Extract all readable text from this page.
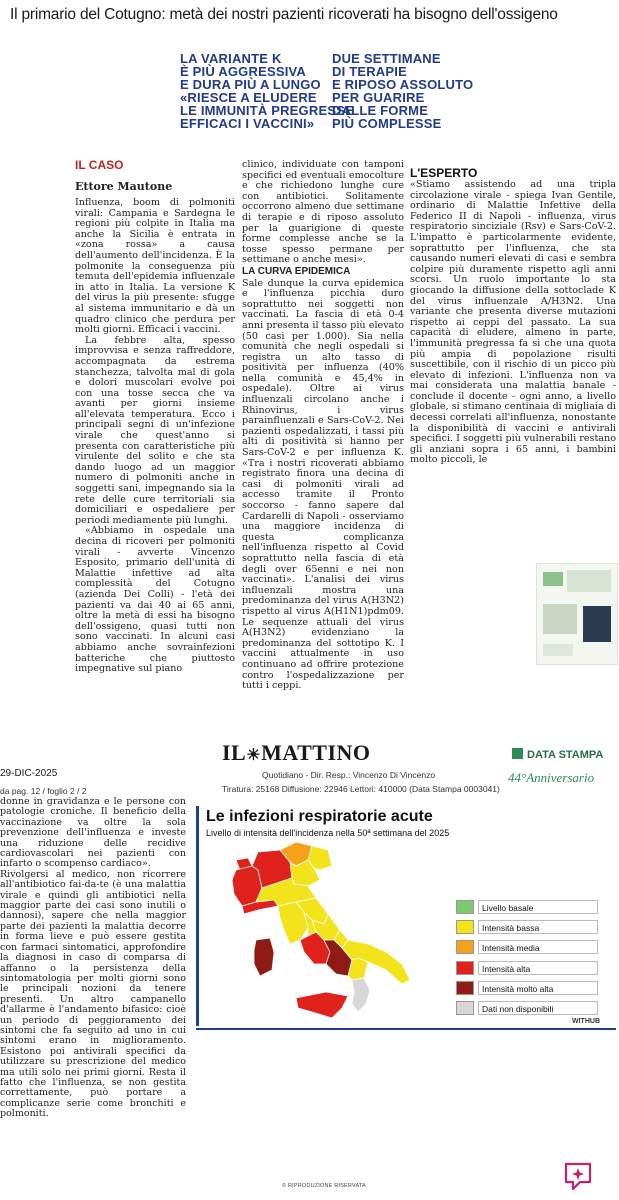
Il primario del Cotugno: metà dei nostri pazienti ricoverati ha bisogno dell'ossigeno
LA VARIANTE K
È PIÙ AGGRESSIVA
E DURA PIÙ A LUNGO
«RIESCE A ELUDERE
LE IMMUNITÀ PREGRESSE
EFFICACI I VACCINI»
DUE SETTIMANE
DI TERAPIE
E RIPOSO ASSOLUTO
PER GUARIRE
DALLE FORME
PIÙ COMPLESSE
IL CASO
Ettore Mautone
L'ESPERTO

Influenza, boom di polmoniti virali: Campania e Sardegna le regioni più colpite in Italia ma anche la Sicilia è entrata in «zona rossa» a causa dell'aumento dell'incidenza. È la polmonite la conseguenza più temuta dell'epidemia influenzale in atto in Italia. La versione K del virus la più presente: sfugge al sistema immunitario e dà un quadro clinico che perdura per molti giorni. Efficaci i vaccini.

La febbre alta, spesso improvvisa e senza raffreddore, accompagnata da estrema stanchezza, talvolta mal di gola e dolori muscolari evolve poi con una tosse secca che va avanti per giorni insieme all'elevata temperatura. Ecco i principali segni di un'infezione virale che quest'anno si presenta con caratteristiche più virulente del solito e che sta dando luogo ad un maggior numero di polmoniti anche in soggetti sani, impegnando sia la rete delle cure territoriali sia domiciliari e ospedaliere per periodi mediamente più lunghi.

«Abbiamo in ospedale una decina di ricoveri per polmoniti virali - avverte Vincenzo Esposito, primario dell'unità di Malattie infettive ad alta complessità del Cotugno (azienda Dei Colli) - l'età dei pazienti va dai 40 ai 65 anni, oltre la metà di essi ha bisogno dell'ossigeno, quasi tutti non sono vaccinati. In alcuni casi abbiamo anche sovrainfezioni batteriche che piuttosto impegnative sul piano

clinico, individuate con tamponi specifici ed eventuali emocolture e che richiedono lunghe cure con antibiotici. Solitamente occorrono almeno due settimane di terapie e di riposo assoluto per la guarigione di queste forme complesse anche se la tosse spesso permane per settimane o anche mesi».

LA CURVA EPIDEMICA

Sale dunque la curva epidemica e l'influenza picchia duro soprattutto nei soggetti non vaccinati. La fascia di età 0-4 anni presenta il tasso più elevato (50 casi per 1.000). Sia nella comunità che negli ospedali si registra un alto tasso di positività per influenza (40% nella comunità e 45,4% in ospedale). Oltre ai virus influenzali circolano anche i Rhinovirus, i virus parainfluenzali e Sars-CoV-2. Nei pazienti ospedalizzati, i tassi più alti di positività si hanno per Sars-CoV-2 e per influenza K. «Tra i nostri ricoverati abbiamo registrato finora una decina di casi di polmoniti virali ad accesso tramite il Pronto soccorso - fanno sapere dal Cardarelli di Napoli - osserviamo una maggiore incidenza di questa complicanza nell'influenza rispetto al Covid soprattutto nella fascia di età degli over 65enni e nei non vaccinati». L'analisi dei virus influenzali mostra una predominanza del virus A(H3N2) rispetto al virus A(H1N1)pdm09. Le sequenze attuali del virus A(H3N2) evidenziano la predominanza del sottotipo K. I vaccini attualmente in uso continuano ad offrire protezione contro l'ospedalizzazione per tutti i ceppi.

«Stiamo assistendo ad una tripla circolazione virale - spiega Ivan Gentile, ordinario di Malattie Infettive della Federico II di Napoli - influenza, virus respiratorio sinciziale (Rsv) e Sars-CoV-2. L'impatto è particolarmente evidente, soprattutto per l'influenza, che sta causando numeri elevati di casi e sembra colpire più duramente rispetto agli anni scorsi. Un ruolo importante lo sta giocando la diffusione della sottoclade K del virus influenzale A/H3N2. Una variante che presenta diverse mutazioni rispetto ai ceppi del passato. La sua capacità di eludere, almeno in parte, l'immunità pregressa fa sì che una quota più ampia di popolazione risulti suscettibile, con il rischio di un picco più elevato di infezioni. L'influenza non va mai considerata una malattia banale - conclude il docente - ogni anno, a livello globale, si stimano centinaia di migliaia di decessi correlati all'influenza, nonostante la disponibilità di vaccini e antivirali specifici. I soggetti più vulnerabili restano gli anziani sopra i 65 anni, i bambini molto piccoli, le

29-DIC-2025
da pag. 12 / foglio 2 / 2
IL☀MATTINO
Quotidiano - Dir. Resp.: Vincenzo Di Vincenzo
Tiratura: 25168 Diffusione: 22946 Lettori: 410000 (Data Stampa 0003041)
DATA STAMPA
44°Anniversario
donne in gravidanza e le persone con patologie croniche. Il beneficio della vaccinazione va oltre la sola prevenzione dell'influenza e investe una riduzione delle recidive cardiovascolari nei pazienti con infarto o scompenso cardiaco».
Rivolgersi al medico, non ricorrere all'antibiotico fai-da-te (è una malattia virale e quindi gli antibiotici nella maggior parte dei casi sono inutili o dannosi), sapere che nella maggior parte dei pazienti la malattia decorre in forma lieve e può essere gestita con farmaci sintomatici, approfondire la diagnosi in caso di comparsa di affanno o la persistenza della sintomatologia per molti giorni sono le principali nozioni da tenere presenti. Un altro campanello d'allarme è l'andamento bifasico: cioè un periodo di peggioramento dei sintomi che fa seguito ad uno in cui sintomi erano in miglioramento. Esistono poi antivirali specifici da utilizzare su prescrizione del medico ma utili solo nei primi giorni. Resta il fatto che l'influenza, se non gestita correttamente, può portare a complicanze serie come bronchiti e polmoniti.
Le infezioni respiratorie acute
Livello di intensità dell'incidenza nella 50ª settimana del 2025
Livello basale
Intensità bassa
Intensità media
Intensità alta
Intensità molto alta
Dati non disponibili
WITHUB
© RIPRODUZIONE RISERVATA
